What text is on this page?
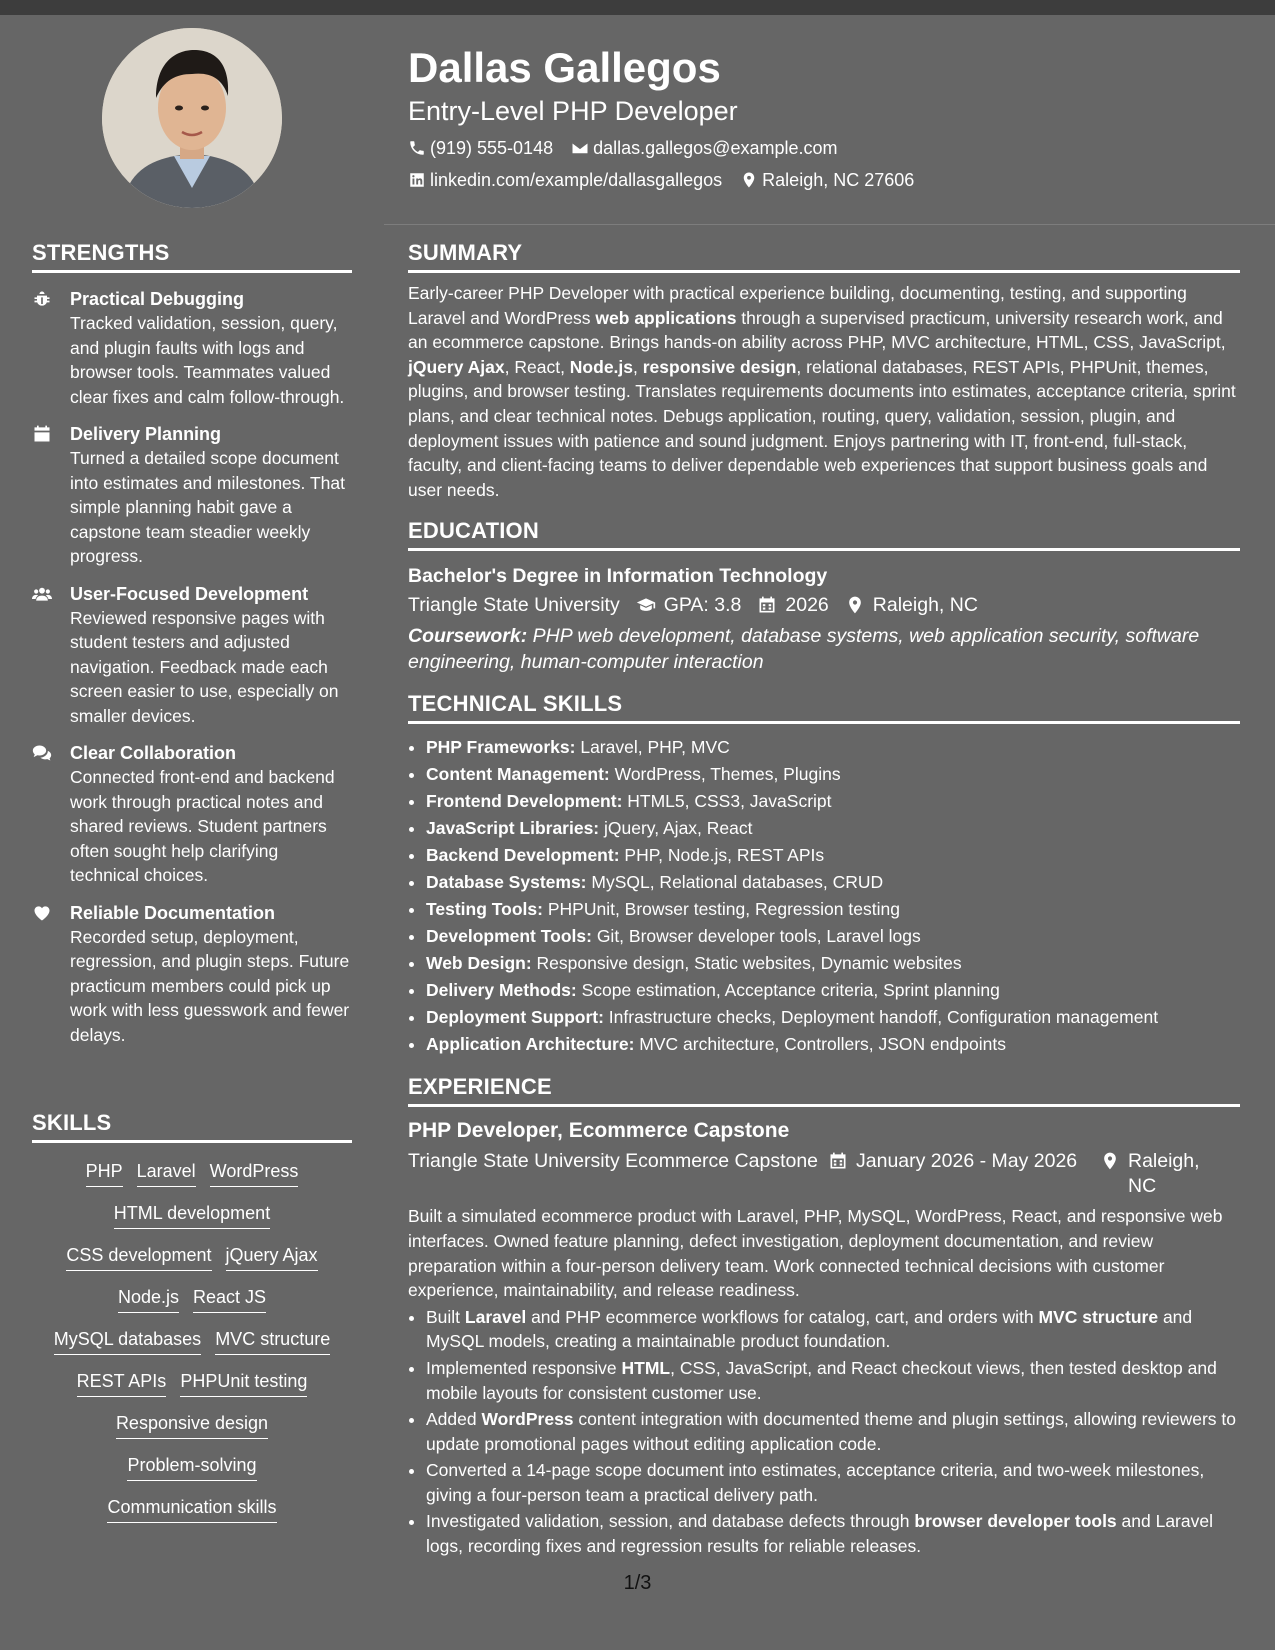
Dallas Gallegos
Entry-Level PHP Developer
(919) 555-0148 dallas.gallegos@example.com
linkedin.com/example/dallasgallegos Raleigh, NC 27606
STRENGTHS
Practical Debugging
Tracked validation, session, query, and plugin faults with logs and browser tools. Teammates valued clear fixes and calm follow-through.
Delivery Planning
Turned a detailed scope document into estimates and milestones. That simple planning habit gave a capstone team steadier weekly progress.
User-Focused Development
Reviewed responsive pages with student testers and adjusted navigation. Feedback made each screen easier to use, especially on smaller devices.
Clear Collaboration
Connected front-end and backend work through practical notes and shared reviews. Student partners often sought help clarifying technical choices.
Reliable Documentation
Recorded setup, deployment, regression, and plugin steps. Future practicum members could pick up work with less guesswork and fewer delays.
SKILLS
PHP Laravel WordPress
HTML development
CSS development jQuery Ajax
Node.js React JS
MySQL databases MVC structure
REST APIs PHPUnit testing
Responsive design
Problem-solving
Communication skills
SUMMARY
Early-career PHP Developer with practical experience building, documenting, testing, and supporting Laravel and WordPress web applications through a supervised practicum, university research work, and an ecommerce capstone. Brings hands-on ability across PHP, MVC architecture, HTML, CSS, JavaScript, jQuery Ajax, React, Node.js, responsive design, relational databases, REST APIs, PHPUnit, themes, plugins, and browser testing. Translates requirements documents into estimates, acceptance criteria, sprint plans, and clear technical notes. Debugs application, routing, query, validation, session, plugin, and deployment issues with patience and sound judgment. Enjoys partnering with IT, front-end, full-stack, faculty, and client-facing teams to deliver dependable web experiences that support business goals and user needs.
EDUCATION
Bachelor's Degree in Information Technology
Triangle State University GPA: 3.8 2026 Raleigh, NC
Coursework: PHP web development, database systems, web application security, software engineering, human-computer interaction
TECHNICAL SKILLS
• PHP Frameworks: Laravel, PHP, MVC
• Content Management: WordPress, Themes, Plugins
• Frontend Development: HTML5, CSS3, JavaScript
• JavaScript Libraries: jQuery, Ajax, React
• Backend Development: PHP, Node.js, REST APIs
• Database Systems: MySQL, Relational databases, CRUD
• Testing Tools: PHPUnit, Browser testing, Regression testing
• Development Tools: Git, Browser developer tools, Laravel logs
• Web Design: Responsive design, Static websites, Dynamic websites
• Delivery Methods: Scope estimation, Acceptance criteria, Sprint planning
• Deployment Support: Infrastructure checks, Deployment handoff, Configuration management
• Application Architecture: MVC architecture, Controllers, JSON endpoints
EXPERIENCE
PHP Developer, Ecommerce Capstone
Triangle State University Ecommerce Capstone	January 2026 - May 2026	Raleigh, NC
Built a simulated ecommerce product with Laravel, PHP, MySQL, WordPress, React, and responsive web interfaces. Owned feature planning, defect investigation, deployment documentation, and review preparation within a four-person delivery team. Work connected technical decisions with customer experience, maintainability, and release readiness.
• Built Laravel and PHP ecommerce workflows for catalog, cart, and orders with MVC structure and MySQL models, creating a maintainable product foundation.
• Implemented responsive HTML, CSS, JavaScript, and React checkout views, then tested desktop and mobile layouts for consistent customer use.
• Added WordPress content integration with documented theme and plugin settings, allowing reviewers to update promotional pages without editing application code.
• Converted a 14-page scope document into estimates, acceptance criteria, and two-week milestones, giving a four-person team a practical delivery path.
• Investigated validation, session, and database defects through browser developer tools and Laravel logs, recording fixes and regression results for reliable releases.
1/3
